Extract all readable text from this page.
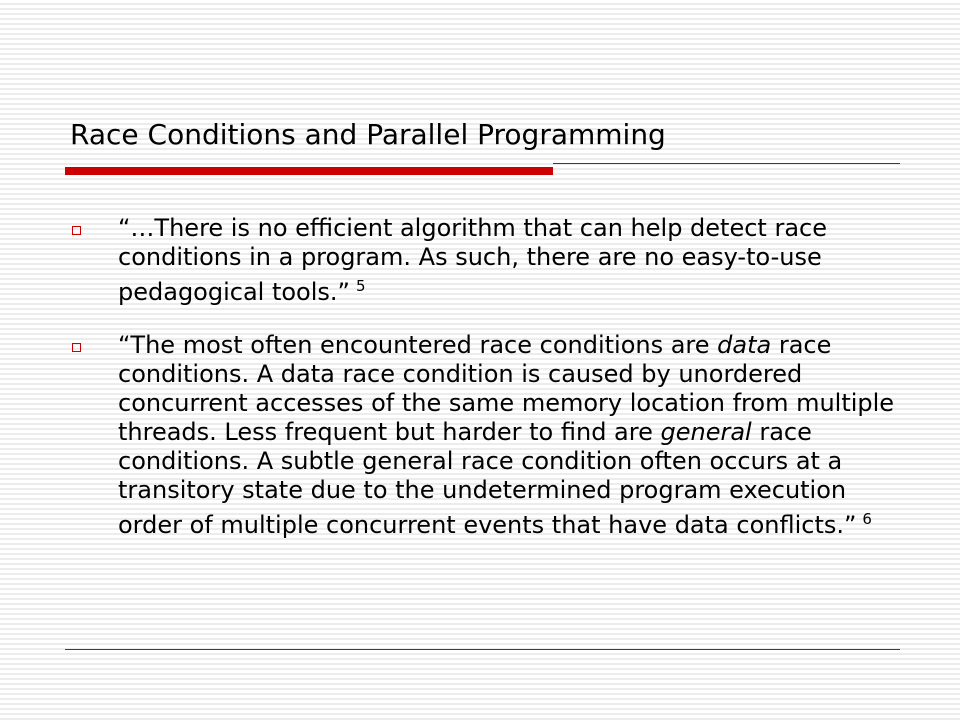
Race Conditions and Parallel Programming
“…There is no efficient algorithm that can help detect race conditions in a program. As such, there are no easy-to-use pedagogical tools.” $^5$
“The most often encountered race conditions are data race conditions. A data race condition is caused by unordered concurrent accesses of the same memory location from multiple threads. Less frequent but harder to find are general race conditions. A subtle general race condition often occurs at a transitory state due to the undetermined program execution order of multiple concurrent events that have data conflicts.” $^6$
